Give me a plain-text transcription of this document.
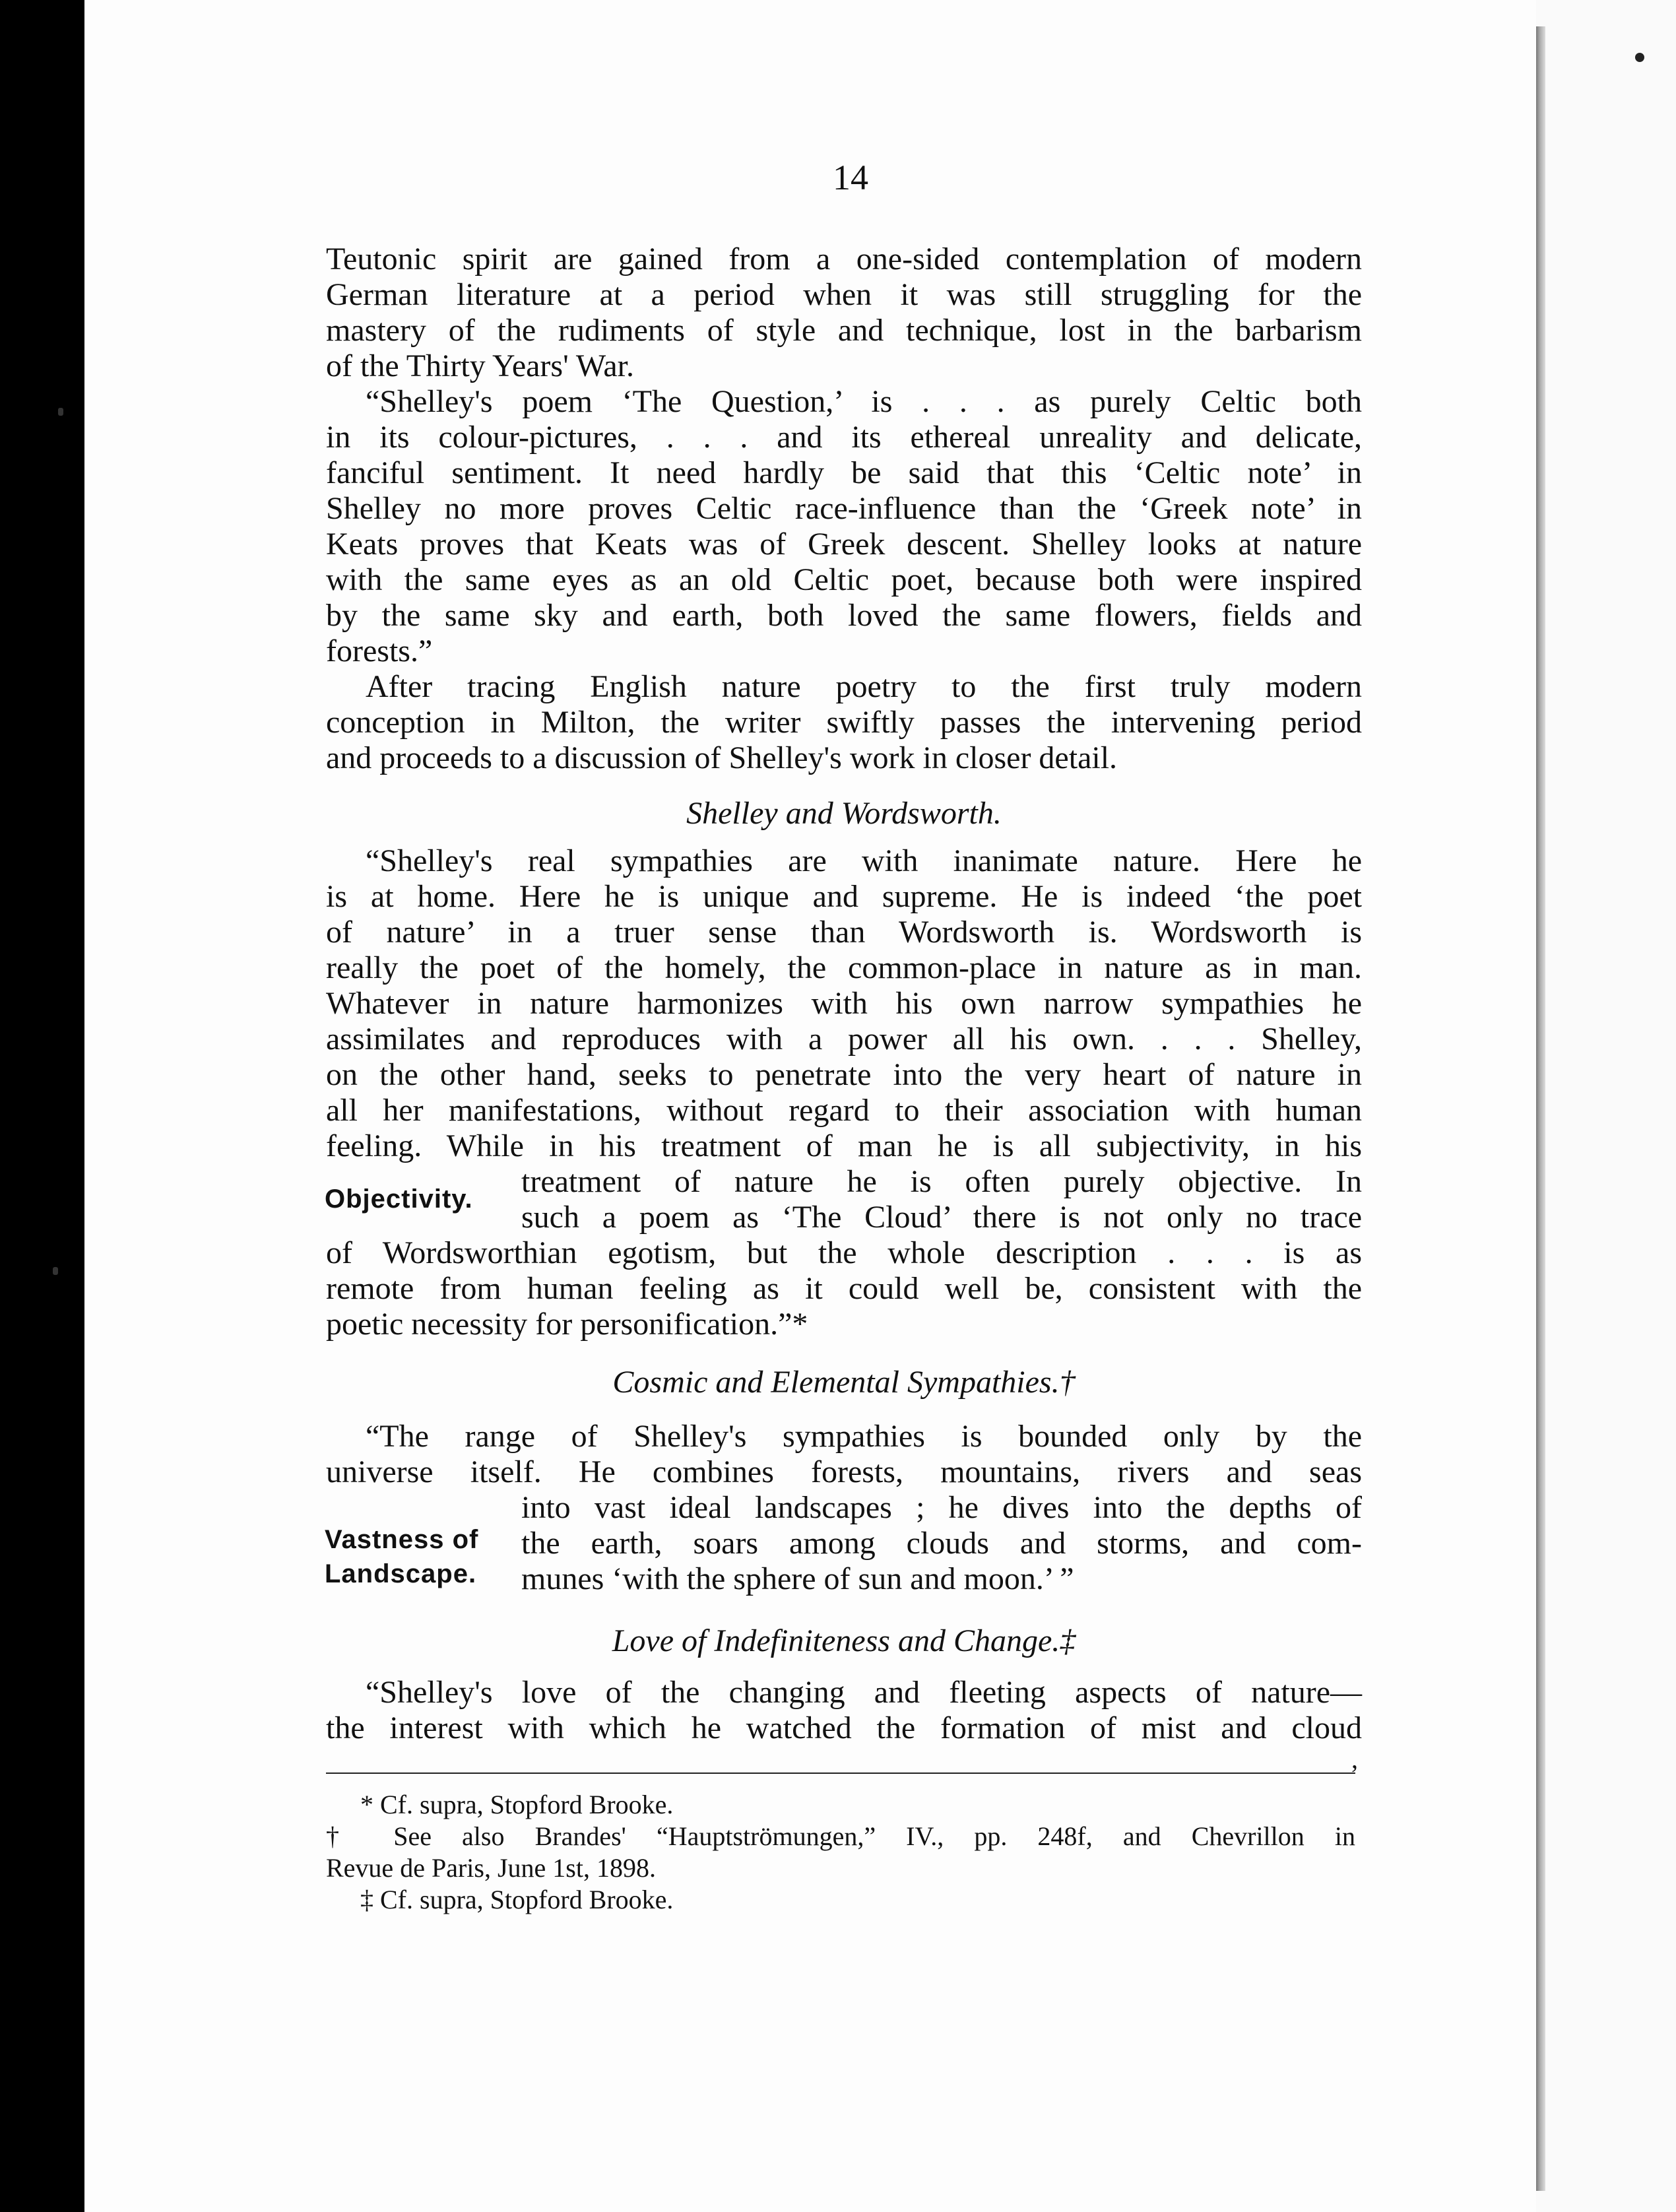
14
Teutonic spirit are gained from a one-sided contemplation of modern
German literature at a period when it was still struggling for the
mastery of the rudiments of style and technique, lost in the barbarism
of the Thirty Years' War.
“Shelley's poem ‘The Question,’ is . . . as purely Celtic both
in its colour-pictures, . . . and its ethereal unreality and delicate,
fanciful sentiment. It need hardly be said that this ‘Celtic note’ in
Shelley no more proves Celtic race-influence than the ‘Greek note’ in
Keats proves that Keats was of Greek descent. Shelley looks at nature
with the same eyes as an old Celtic poet, because both were inspired
by the same sky and earth, both loved the same flowers, fields and
forests.”
After tracing English nature poetry to the first truly modern
conception in Milton, the writer swiftly passes the intervening period
and proceeds to a discussion of Shelley's work in closer detail.
Shelley and Wordsworth.
“Shelley's real sympathies are with inanimate nature. Here he
is at home. Here he is unique and supreme. He is indeed ‘the poet
of nature’ in a truer sense than Wordsworth is. Wordsworth is
really the poet of the homely, the common-place in nature as in man.
Whatever in nature harmonizes with his own narrow sympathies he
assimilates and reproduces with a power all his own. . . . Shelley,
on the other hand, seeks to penetrate into the very heart of nature in
all her manifestations, without regard to their association with human
feeling. While in his treatment of man he is all subjectivity, in his
treatment of nature he is often purely objective. In
such a poem as ‘The Cloud’ there is not only no trace
of Wordsworthian egotism, but the whole description . . . is as
remote from human feeling as it could well be, consistent with the
poetic necessity for personification.”*
Objectivity.
Cosmic and Elemental Sympathies.†
“The range of Shelley's sympathies is bounded only by the
universe itself. He combines forests, mountains, rivers and seas
into vast ideal landscapes ; he dives into the depths of
the earth, soars among clouds and storms, and com-
munes ‘with the sphere of sun and moon.’ ”
Vastness of
Landscape.
Love of Indefiniteness and Change.‡
“Shelley's love of the changing and fleeting aspects of nature—
the interest with which he watched the formation of mist and cloud
,
* Cf. supra, Stopford Brooke.
† See also Brandes' “Hauptströmungen,” IV., pp. 248f, and Chevrillon in
Revue de Paris, June 1st, 1898.
‡ Cf. supra, Stopford Brooke.
